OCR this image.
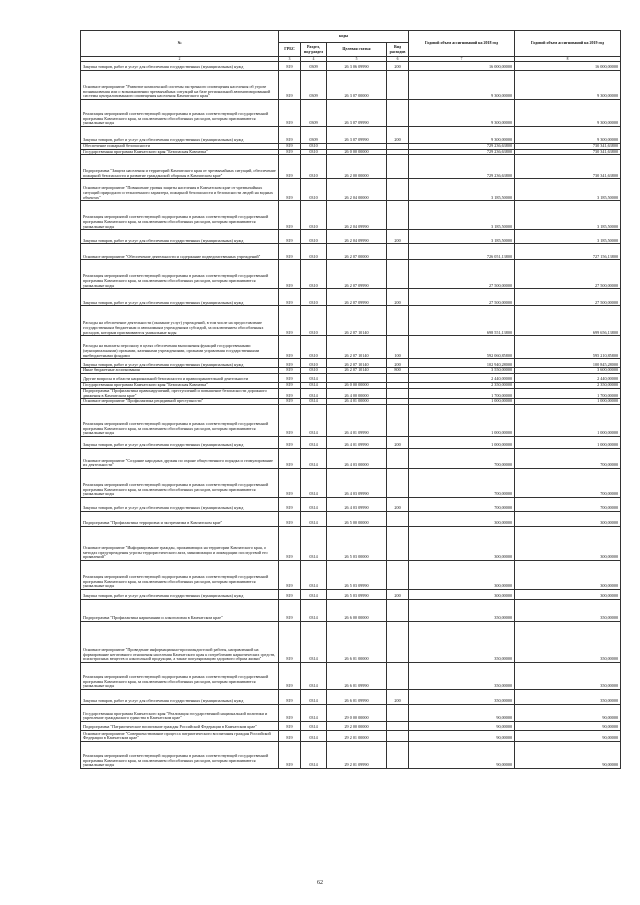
№	коды				Годовой объем ассигнований на 2018 год	Годовой объем ассигнований на 2019 год
	ГРБС	Раздел, под-раздел	Целевая статья	Вид расходов		
2	3	4	5	6	7	8
Закупка товаров, работ и услуг для обеспечения государственных (муниципальных) нужд	819	0309	26 3 06 09990	200	16 000,00000	16 000,00000
Основное мероприятие "Развитие комплексной системы экстренного оповещения населения об угрозе возникновения или о возникновении чрезвычайных ситуаций на базе региональной автоматизированной системы централизованного оповещения населения Камчатского края"	819	0309	26 3 07 00000		9 300,00000	9 300,00000
Реализация мероприятий соответствующей подпрограммы в рамках соответствующей государственной программы Камчатского края, за исключением обособленных расходов, которым присваиваются уникальные коды	819	0309	26 3 07 09990		9 300,00000	9 300,00000
Закупка товаров, работ и услуг для обеспечения государственных (муниципальных) нужд	819	0309	26 3 07 09990	200	9 300,00000	9 300,00000
Обеспечение пожарной безопасности	819	0310			729 236,63800	730 341,63800
Государственная программа Камчатского края "Безопасная Камчатка"	819	0310	26 0 00 00000		729 236,63800	730 341,63800
Подпрограмма "Защита населения и территорий Камчатского края от чрезвычайных ситуаций, обеспечение пожарной безопасности и развитие гражданской обороны в Камчатском крае"	819	0310	26 2 00 00000		729 236,63800	730 341,63800
Основное мероприятие "Повышение уровня защиты населения в Камчатском крае от чрезвычайных ситуаций природного и техногенного характера, пожарной безопасности и безопасности людей на водных объектах"	819	0310	26 2 04 00000		3 185,50000	3 185,50000
Реализация мероприятий соответствующей подпрограммы в рамках соответствующей государственной программы Камчатского края, за исключением обособленных расходов, которым присваиваются уникальные коды	819	0310	26 2 04 09990		3 185,50000	3 185,50000
Закупка товаров, работ и услуг для обеспечения государственных (муниципальных) нужд	819	0310	26 2 04 09990	200	3 185,50000	3 185,50000
Основное мероприятие "Обеспечение деятельности и содержание подведомственных учреждений"	819	0310	26 2 07 00000		726 051,13800	727 156,13800
Реализация мероприятий соответствующей подпрограммы в рамках соответствующей государственной программы Камчатского края, за исключением обособленных расходов, которым присваиваются уникальные коды	819	0310	26 2 07 09990		27 500,00000	27 500,00000
Закупка товаров, работ и услуг для обеспечения государственных (муниципальных) нужд	819	0310	26 2 07 09990	200	27 500,00000	27 500,00000
Расходы на обеспечение деятельности (оказание услуг) учреждений, в том числе на предоставление государственным бюджетным и автономным учреждениям субсидий, за исключением обособленных расходов, которым присваиваются уникальные коды	819	0310	26 2 07 10140		698 551,13800	699 656,13800
Расходы на выплаты персоналу в целях обеспечения выполнения функций государственными (муниципальными) органами, казенными учреждениями, органами управления государственными внебюджетными фондами	819	0310	26 2 07 10140	100	592 060,85800	595 210,85800
Закупка товаров, работ и услуг для обеспечения государственных (муниципальных) нужд	819	0310	26 2 07 10140	200	102 940,28000	100 845,28000
Иные бюджетные ассигнования	819	0310	26 2 07 10140	800	3 550,00000	3 600,00000
Другие вопросы в области национальной безопасности и правоохранительной деятельности	819	0314			2 440,00000	2 440,00000
Государственная программа Камчатского края "Безопасная Камчатка"	819	0314	26 0 00 00000		2 350,00000	2 350,00000
Подпрограмма "Профилактика правонарушений, преступлений и повышение безопасности дорожного движения в Камчатском крае"	819	0314	26 4 00 00000		1 700,00000	1 700,00000
Основное мероприятие "Профилактика рецидивной преступности"	819	0314	26 4 01 00000		1 000,00000	1 000,00000
Реализация мероприятий соответствующей подпрограммы в рамках соответствующей государственной программы Камчатского края, за исключением обособленных расходов, которым присваиваются уникальные коды	819	0314	26 4 01 09990		1 000,00000	1 000,00000
Закупка товаров, работ и услуг для обеспечения государственных (муниципальных) нужд	819	0314	26 4 01 09990	200	1 000,00000	1 000,00000
Основное мероприятие "Создание народных дружин по охране общественного порядка и стимулирование их деятельности"	819	0314	26 4 03 00000		700,00000	700,00000
Реализация мероприятий соответствующей подпрограммы в рамках соответствующей государственной программы Камчатского края, за исключением обособленных расходов, которым присваиваются уникальные коды	819	0314	26 4 03 09990		700,00000	700,00000
Закупка товаров, работ и услуг для обеспечения государственных (муниципальных) нужд	819	0314	26 4 03 09990	200	700,00000	700,00000
Подпрограмма "Профилактика терроризма и экстремизма в Камчатском крае"	819	0314	26 5 00 00000		300,00000	300,00000
Основное мероприятие "Информирование граждан, проживающих на территории Камчатского края, о методах предупреждения угрозы террористического акта, минимизации и ликвидации последствий его проявлений"	819	0314	26 5 03 00000		300,00000	300,00000
Реализация мероприятий соответствующей подпрограммы в рамках соответствующей государственной программы Камчатского края, за исключением обособленных расходов, которым присваиваются уникальные коды	819	0314	26 5 03 09990		300,00000	300,00000
Закупка товаров, работ и услуг для обеспечения государственных (муниципальных) нужд	819	0314	26 5 03 09990	200	300,00000	300,00000
Подпрограмма "Профилактика наркомании и алкоголизма в Камчатском крае"	819	0314	26 6 00 00000		350,00000	350,00000
Основное мероприятие "Проведение информационно-пропагандистской работы, направленной на формирование негативного отношения населения Камчатского края к потреблению наркотических средств, психотропных веществ и алкогольной продукции, а также популяризацию здорового образа жизни"	819	0314	26 6 01 00000		350,00000	350,00000
Реализация мероприятий соответствующей подпрограммы в рамках соответствующей государственной программы Камчатского края, за исключением обособленных расходов, которым присваиваются уникальные коды	819	0314	26 6 01 09990		350,00000	350,00000
Закупка товаров, работ и услуг для обеспечения государственных (муниципальных) нужд	819	0314	26 6 01 09990	200	350,00000	350,00000
Государственная программа Камчатского края "Реализация государственной национальной политики и укрепление гражданского единства в Камчатском крае"	819	0314	29 0 00 00000		90,00000	90,00000
Подпрограмма "Патриотическое воспитание граждан Российской Федерации в Камчатском крае"	819	0314	29 2 00 00000		90,00000	90,00000
Основное мероприятие "Совершенствование процесса патриотического воспитания граждан Российской Федерации в Камчатском крае"	819	0314	29 2 01 00000		90,00000	90,00000
Реализация мероприятий соответствующей подпрограммы в рамках соответствующей государственной программы Камчатского края, за исключением обособленных расходов, которым присваиваются уникальные коды	819	0314	29 2 01 09990		90,00000	90,00000
62
